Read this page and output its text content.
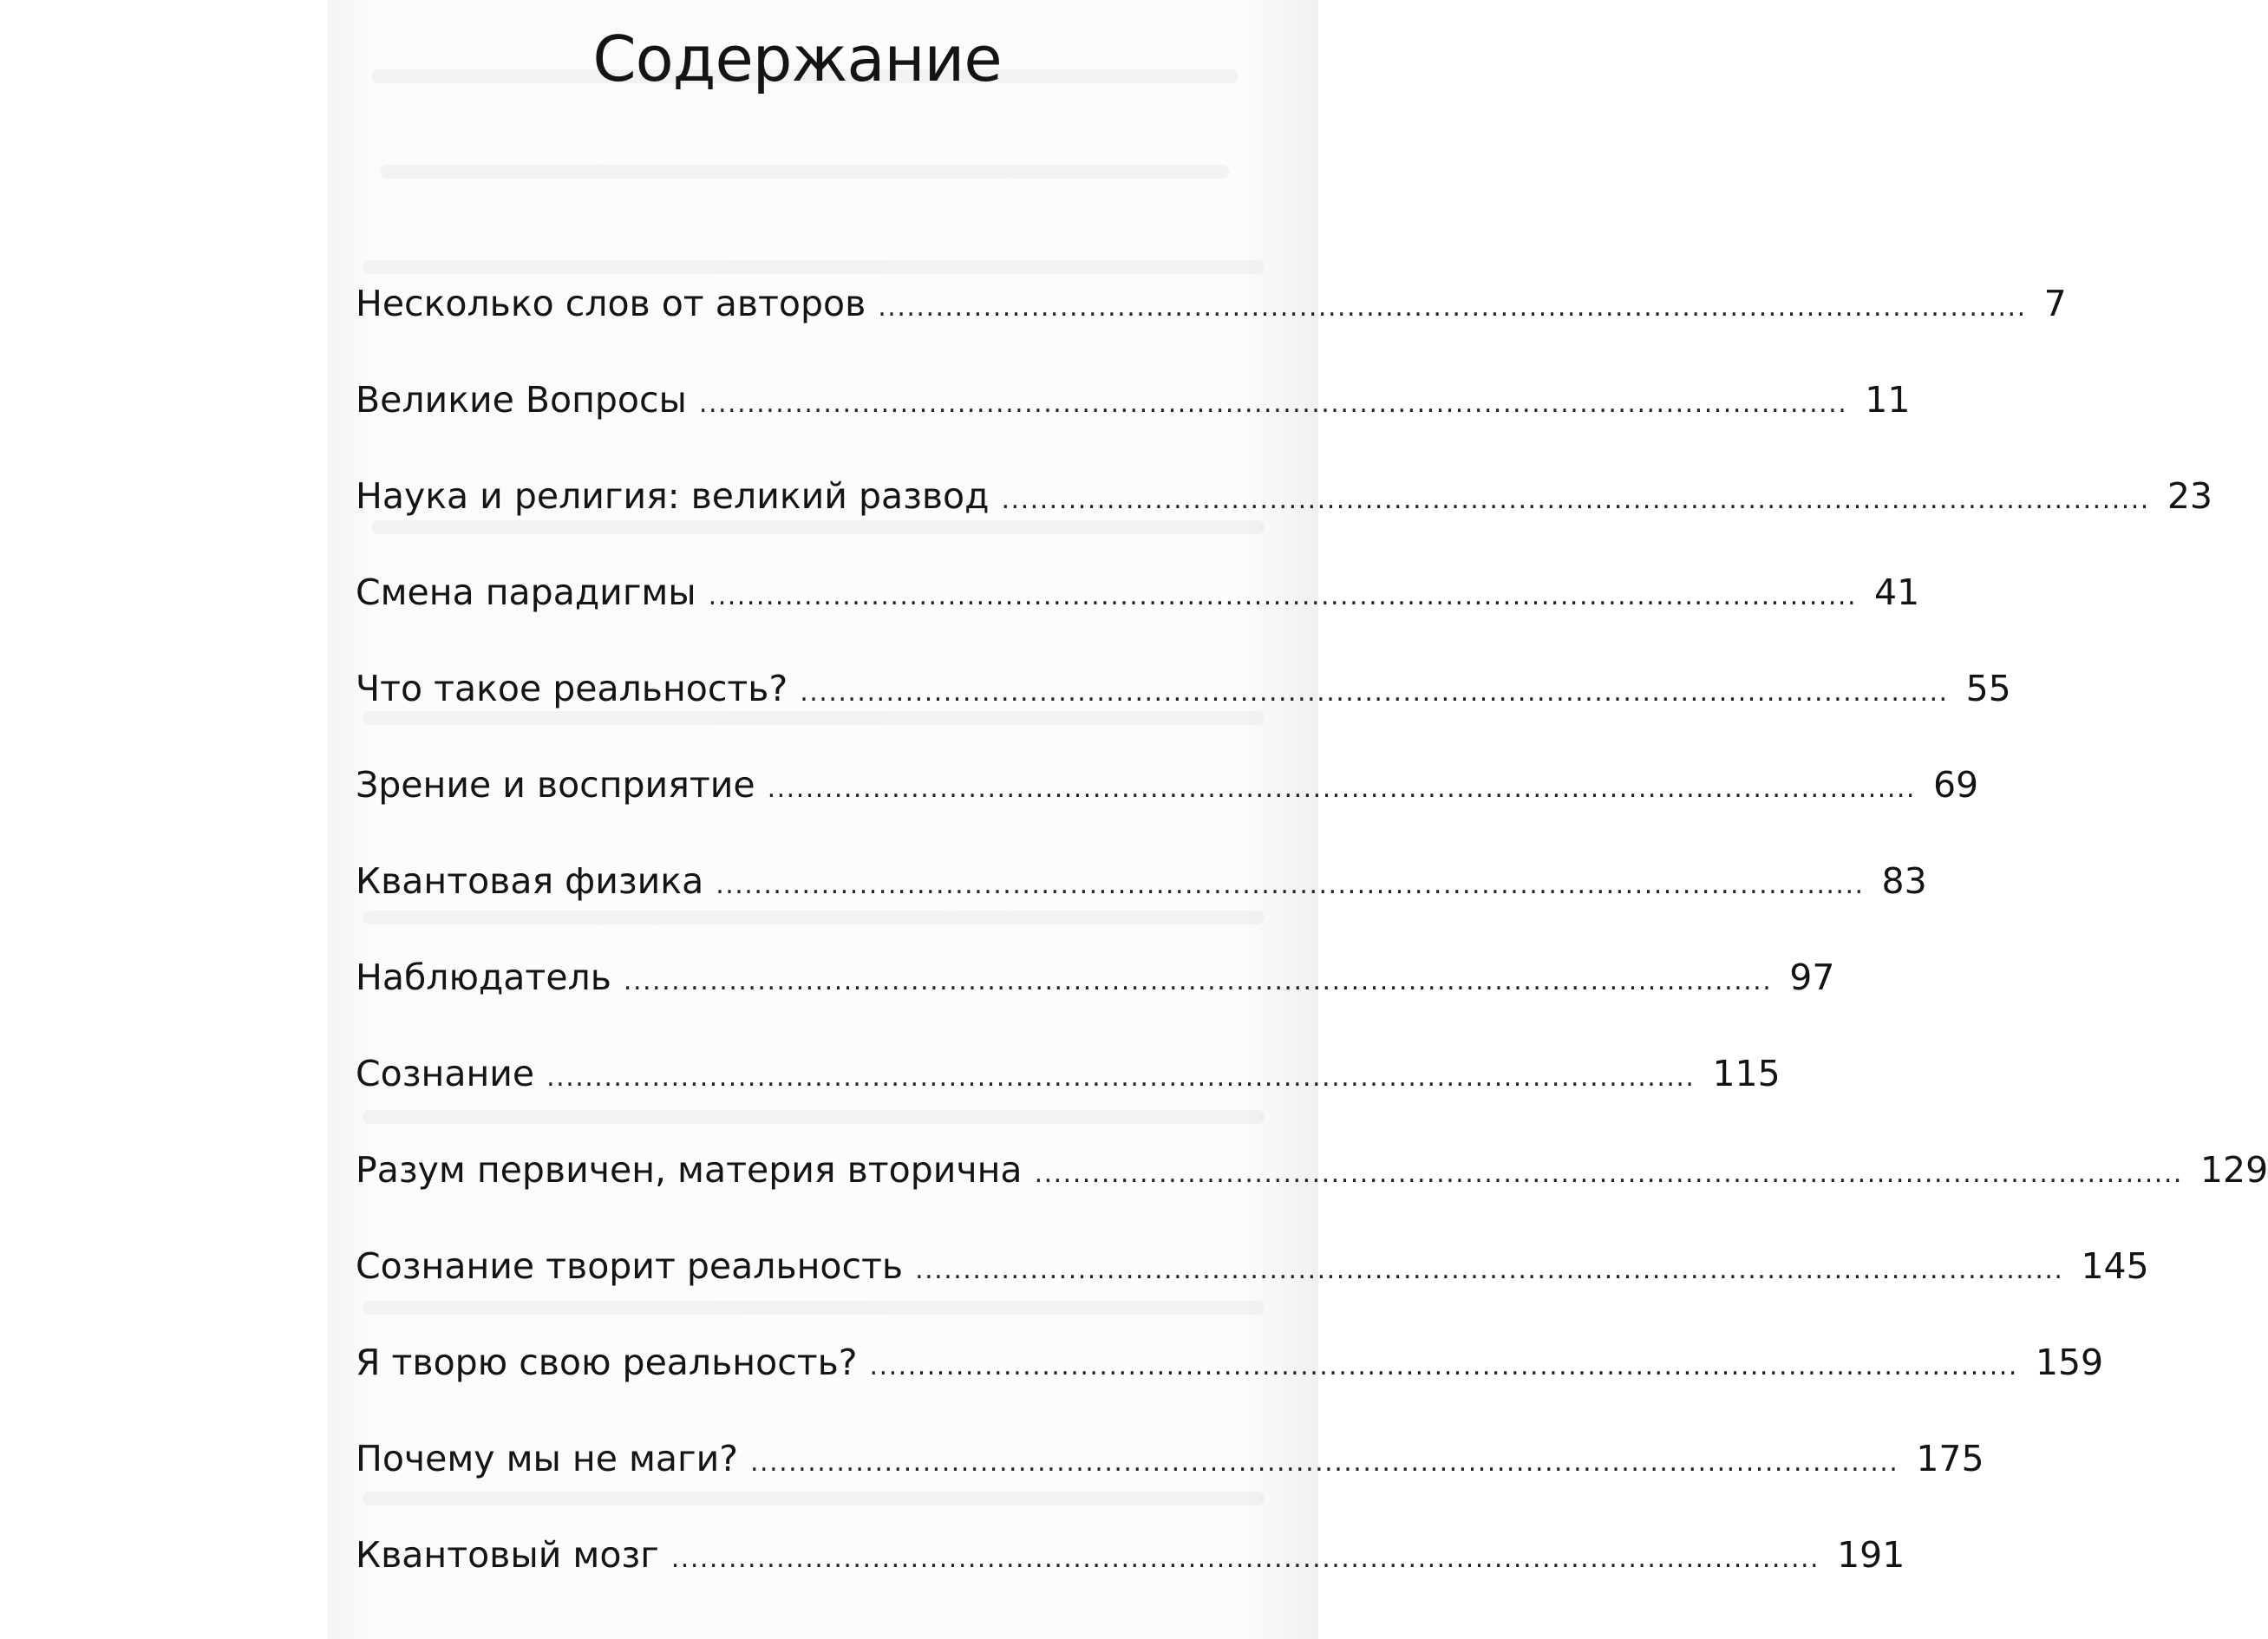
Содержание
Несколько слов от авторов ........................................................................................................................ 7
Великие Вопросы ........................................................................................................................ 11
Наука и религия: великий развод ........................................................................................................................ 23
Смена парадигмы ........................................................................................................................ 41
Что такое реальность? ........................................................................................................................ 55
Зрение и восприятие ........................................................................................................................ 69
Квантовая физика ........................................................................................................................ 83
Наблюдатель ........................................................................................................................ 97
Сознание ........................................................................................................................ 115
Разум первичен, материя вторична ........................................................................................................................ 129
Сознание творит реальность ........................................................................................................................ 145
Я творю свою реальность? ........................................................................................................................ 159
Почему мы не маги? ........................................................................................................................ 175
Квантовый мозг ........................................................................................................................ 191
